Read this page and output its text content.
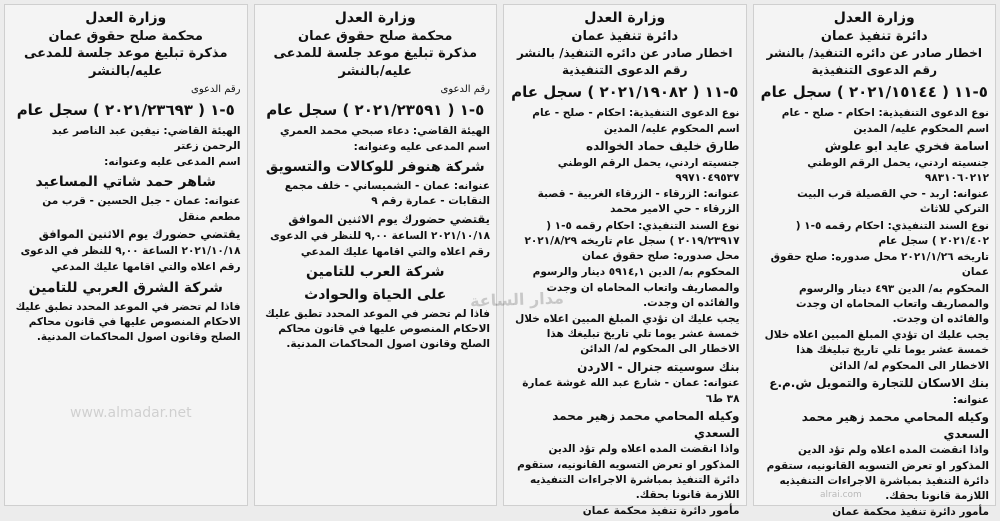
وزارة العدل
دائرة تنفيذ عمان
اخطار صادر عن دائره التنفيذ/ بالنشر
رقم الدعوى التنفيذية
٥-١١ ( ٢٠٢١/١٥١٤٤ ) سجل عام
نوع الدعوى التنفيذية: احكام - صلح - عام
اسم المحكوم عليه/ المدين
اسامة فخري عايد ابو علوش
جنسيته اردني، يحمل الرقم الوطني ٩٨٣١٠٦٠٢١٢
عنوانه: اربد - حي القصيلة قرب البيت التركي للاثاث
نوع السند التنفيذي: احكام رقمه ٥-١ ( ٢٠٢١/٤٠٢ ) سجل عام
تاريخه ٢٠٢١/١/٢٦ محل صدوره: صلح حقوق عمان
المحكوم به/ الدين ٤٩٣ دينار والرسوم والمصاريف واتعاب المحاماه ان وجدت والفائده ان وجدت.
يجب عليك ان تؤدي المبلغ المبين اعلاه خلال خمسة عشر يوما تلي تاريخ تبليغك هذا الاخطار الى المحكوم له/ الدائن
بنك الاسكان للتجارة والتمويل ش.م.ع
عنوانه:
وكيله المحامي محمد زهير محمد السعدي
واذا انقضت المده اعلاه ولم تؤد الدين المذكور او تعرض التسويه القانونيه، ستقوم دائرة التنفيذ بمباشرة الاجراءات التنفيذيه اللازمة قانونا بحقك.
مأمور دائرة تنفيذ محكمة عمان
وزارة العدل
دائرة تنفيذ عمان
اخطار صادر عن دائره التنفيذ/ بالنشر
رقم الدعوى التنفيذية
٥-١١ ( ٢٠٢١/١٩٠٨٢ ) سجل عام
نوع الدعوى التنفيذية: احكام - صلح - عام
اسم المحكوم عليه/ المدين
طارق خليف حماد الخوالده
جنسيته اردني، يحمل الرقم الوطني ٩٩٧١٠٤٩٥٣٧
عنوانه: الزرقاء - الزرقاء الغربية - قصبة الزرقاء - حي الامير محمد
نوع السند التنفيذي: احكام رقمه ٥-١ ( ٢٠١٩/٢٣٩١٧ ) سجل عام تاريخه ٢٠٢١/٨/٢٩ محل صدوره: صلح حقوق عمان
المحكوم به/ الدين ٥٩١٤,١ دينار والرسوم والمصاريف واتعاب المحاماه ان وجدت والفائده ان وجدت.
يجب عليك ان تؤدي المبلغ المبين اعلاه خلال خمسة عشر يوما تلي تاريخ تبليغك هذا الاخطار الى المحكوم له/ الدائن
بنك سوسيته جنرال - الاردن
عنوانه: عمان - شارع عبد الله غوشة عمارة ٣٨ ط٦
وكيله المحامي محمد زهير محمد السعدي
واذا انقضت المده اعلاه ولم تؤد الدين المذكور او تعرض التسويه القانونيه، ستقوم دائرة التنفيذ بمباشرة الاجراءات التنفيذيه اللازمة قانونا بحقك.
مأمور دائرة تنفيذ محكمة عمان
وزارة العدل
محكمة صلح حقوق عمان
مذكرة تبليغ موعد جلسة للمدعى
عليه/بالنشر
رقم الدعوى
٥-١ ( ٢٠٢١/٢٣٥٩١ ) سجل عام
الهيئة القاضي: دعاء صبحي محمد العمري
اسم المدعى عليه وعنوانه:
شركة هنوفر للوكالات والتسويق
عنوانه: عمان - الشميساني - خلف مجمع النقابات - عمارة رقم ٩
يقتضي حضورك يوم الاثنين الموافق
٢٠٢١/١٠/١٨ الساعة ٩,٠٠ للنظر في الدعوى
رقم اعلاه والتي اقامها عليك المدعي
شركة العرب للتامين
على الحياة والحوادث
فاذا لم تحضر في الموعد المحدد تطبق عليك الاحكام المنصوص عليها في قانون محاكم الصلح وقانون اصول المحاكمات المدنية.
وزارة العدل
محكمة صلح حقوق عمان
مذكرة تبليغ موعد جلسة للمدعى
عليه/بالنشر
رقم الدعوى
٥-١ ( ٢٠٢١/٢٣٦٩٣ ) سجل عام
الهيئة القاضي: نيفين عبد الناصر عبد الرحمن زعتر
اسم المدعى عليه وعنوانه:
شاهر حمد شاتي المساعيد
عنوانه: عمان - جبل الحسين - قرب من مطعم منقل
يقتضي حضورك يوم الاثنين الموافق
٢٠٢١/١٠/١٨ الساعة ٩,٠٠ للنظر في الدعوى
رقم اعلاه والتي اقامها عليك المدعي
شركة الشرق العربي للتامين
فاذا لم تحضر في الموعد المحدد تطبق عليك الاحكام المنصوص عليها في قانون محاكم الصلح وقانون اصول المحاكمات المدنية.
مدار الساعة
www.almadar.net
alrai.com
